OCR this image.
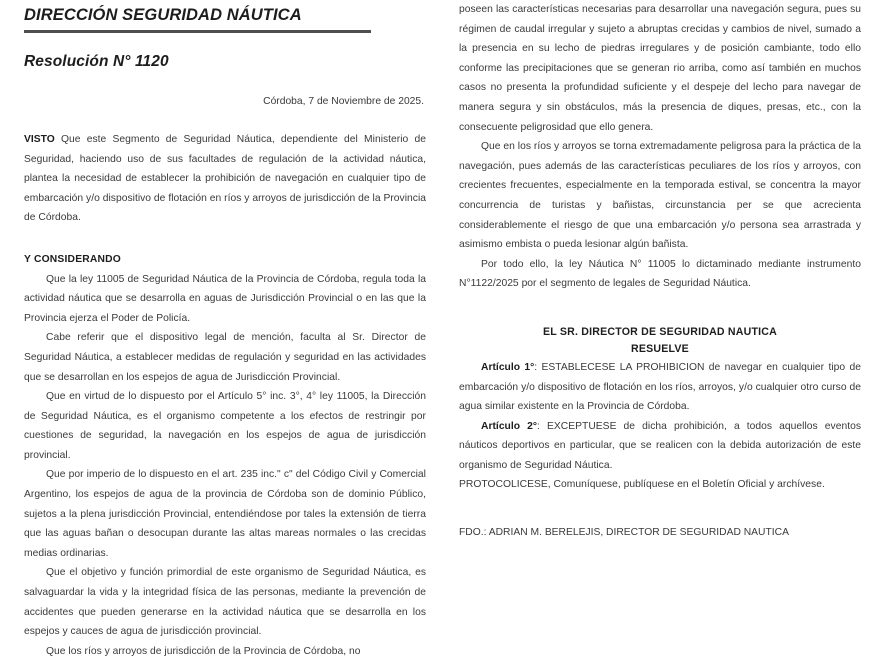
DIRECCIÓN SEGURIDAD NÁUTICA
Resolución N° 1120
Córdoba, 7 de Noviembre de 2025.

VISTO Que este Segmento de Seguridad Náutica, dependiente del Ministerio de Seguridad, haciendo uso de sus facultades de regulación de la actividad náutica, plantea la necesidad de establecer la prohibición de navegación en cualquier tipo de embarcación y/o dispositivo de flotación en ríos y arroyos de jurisdicción de la Provincia de Córdoba.

Y CONSIDERANDO

Que la ley 11005 de Seguridad Náutica de la Provincia de Córdoba, regula toda la actividad náutica que se desarrolla en aguas de Jurisdicción Provincial o en las que la Provincia ejerza el Poder de Policía.

Cabe referir que el dispositivo legal de mención, faculta al Sr. Director de Seguridad Náutica, a establecer medidas de regulación y seguridad en las actividades que se desarrollan en los espejos de agua de Jurisdicción Provincial.

Que en virtud de lo dispuesto por el Artículo 5° inc. 3°, 4° ley 11005, la Dirección de Seguridad Náutica, es el organismo competente a los efectos de restringir por cuestiones de seguridad, la navegación en los espejos de agua de jurisdicción provincial.

Que por imperio de lo dispuesto en el art. 235 inc." c" del Código Civil y Comercial Argentino, los espejos de agua de la provincia de Córdoba son de dominio Público, sujetos a la plena jurisdicción Provincial, entendiéndose por tales la extensión de tierra que las aguas bañan o desocupan durante las altas mareas normales o las crecidas medias ordinarias.

Que el objetivo y función primordial de este organismo de Seguridad Náutica, es salvaguardar la vida y la integridad física de las personas, mediante la prevención de accidentes que pueden generarse en la actividad náutica que se desarrolla en los espejos y cauces de agua de jurisdicción provincial.

Que los ríos y arroyos de jurisdicción de la Provincia de Córdoba, no

poseen las características necesarias para desarrollar una navegación segura, pues su régimen de caudal irregular y sujeto a abruptas crecidas y cambios de nivel, sumado a la presencia en su lecho de piedras irregulares y de posición cambiante, todo ello conforme las precipitaciones que se generan rio arriba, como así también en muchos casos no presenta la profundidad suficiente y el despeje del lecho para navegar de manera segura y sin obstáculos, más la presencia de diques, presas, etc., con la consecuente peligrosidad que ello genera.

Que en los ríos y arroyos se torna extremadamente peligrosa para la práctica de la navegación, pues además de las características peculiares de los ríos y arroyos, con crecientes frecuentes, especialmente en la temporada estival, se concentra la mayor concurrencia de turistas y bañistas, circunstancia per se que acrecienta considerablemente el riesgo de que una embarcación y/o persona sea arrastrada y asimismo embista o pueda lesionar algún bañista.

Por todo ello, la ley Náutica N° 11005 lo dictaminado mediante instrumento N°1122/2025 por el segmento de legales de Seguridad Náutica.

EL SR. DIRECTOR DE SEGURIDAD NAUTICA
RESUELVE

Artículo 1°: ESTABLECESE LA PROHIBICION de navegar en cualquier tipo de embarcación y/o dispositivo de flotación en los ríos, arroyos, y/o cualquier otro curso de agua similar existente en la Provincia de Córdoba.

Artículo 2°: EXCEPTUESE de dicha prohibición, a todos aquellos eventos náuticos deportivos en particular, que se realicen con la debida autorización de este organismo de Seguridad Náutica.

PROTOCOLICESE, Comuníquese, publíquese en el Boletín Oficial y archívese.

FDO.: ADRIAN M. BERELEJIS, DIRECTOR DE SEGURIDAD NAUTICA
